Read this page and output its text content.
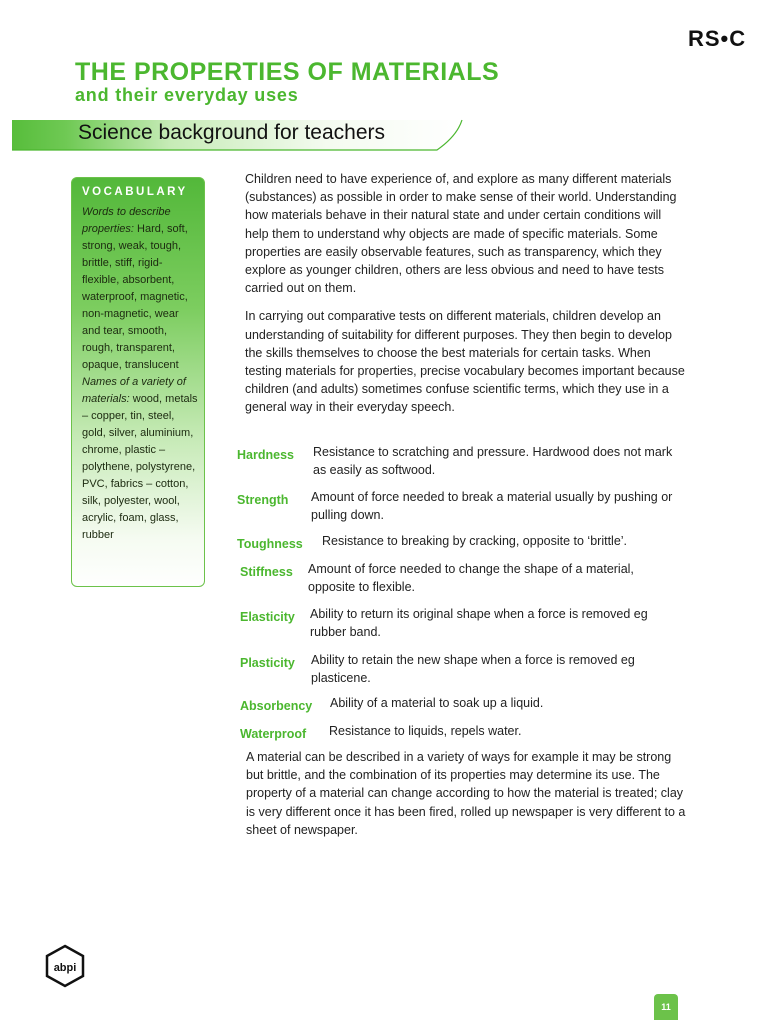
RS•C
THE PROPERTIES OF MATERIALS
and their everyday uses
Science background for teachers
VOCABULARY
Words to describe properties: Hard, soft, strong, weak, tough, brittle, stiff, rigid-flexible, absorbent, waterproof, magnetic, non-magnetic, wear and tear, smooth, rough, transparent, opaque, translucent Names of a variety of materials: wood, metals – copper, tin, steel, gold, silver, aluminium, chrome, plastic – polythene, polystyrene, PVC, fabrics – cotton, silk, polyester, wool, acrylic, foam, glass, rubber

Children need to have experience of, and explore as many different materials (substances) as possible in order to make sense of their world. Understanding how materials behave in their natural state and under certain conditions will help them to understand why objects are made of specific materials. Some properties are easily observable features, such as transparency, which they explore as younger children, others are less obvious and need to have tests carried out on them.

In carrying out comparative tests on different materials, children develop an understanding of suitability for different purposes. They then begin to develop the skills themselves to choose the best materials for certain tasks. When testing materials for properties, precise vocabulary becomes important because children (and adults) sometimes confuse scientific terms, which they use in a general way in their everyday speech.

Hardness Resistance to scratching and pressure. Hardwood does not mark as easily as softwood.
Strength Amount of force needed to break a material usually by pushing or pulling down.
Toughness Resistance to breaking by cracking, opposite to ‘brittle’.
Stiffness Amount of force needed to change the shape of a material, opposite to flexible.
Elasticity Ability to return its original shape when a force is removed eg rubber band.
Plasticity Ability to retain the new shape when a force is removed eg plasticene.
Absorbency Ability of a material to soak up a liquid.
Waterproof Resistance to liquids, repels water.

A material can be described in a variety of ways for example it may be strong but brittle, and the combination of its properties may determine its use. The property of a material can change according to how the material is treated; clay is very different once it has been fired, rolled up newspaper is very different to a sheet of newspaper.

abpi
11
